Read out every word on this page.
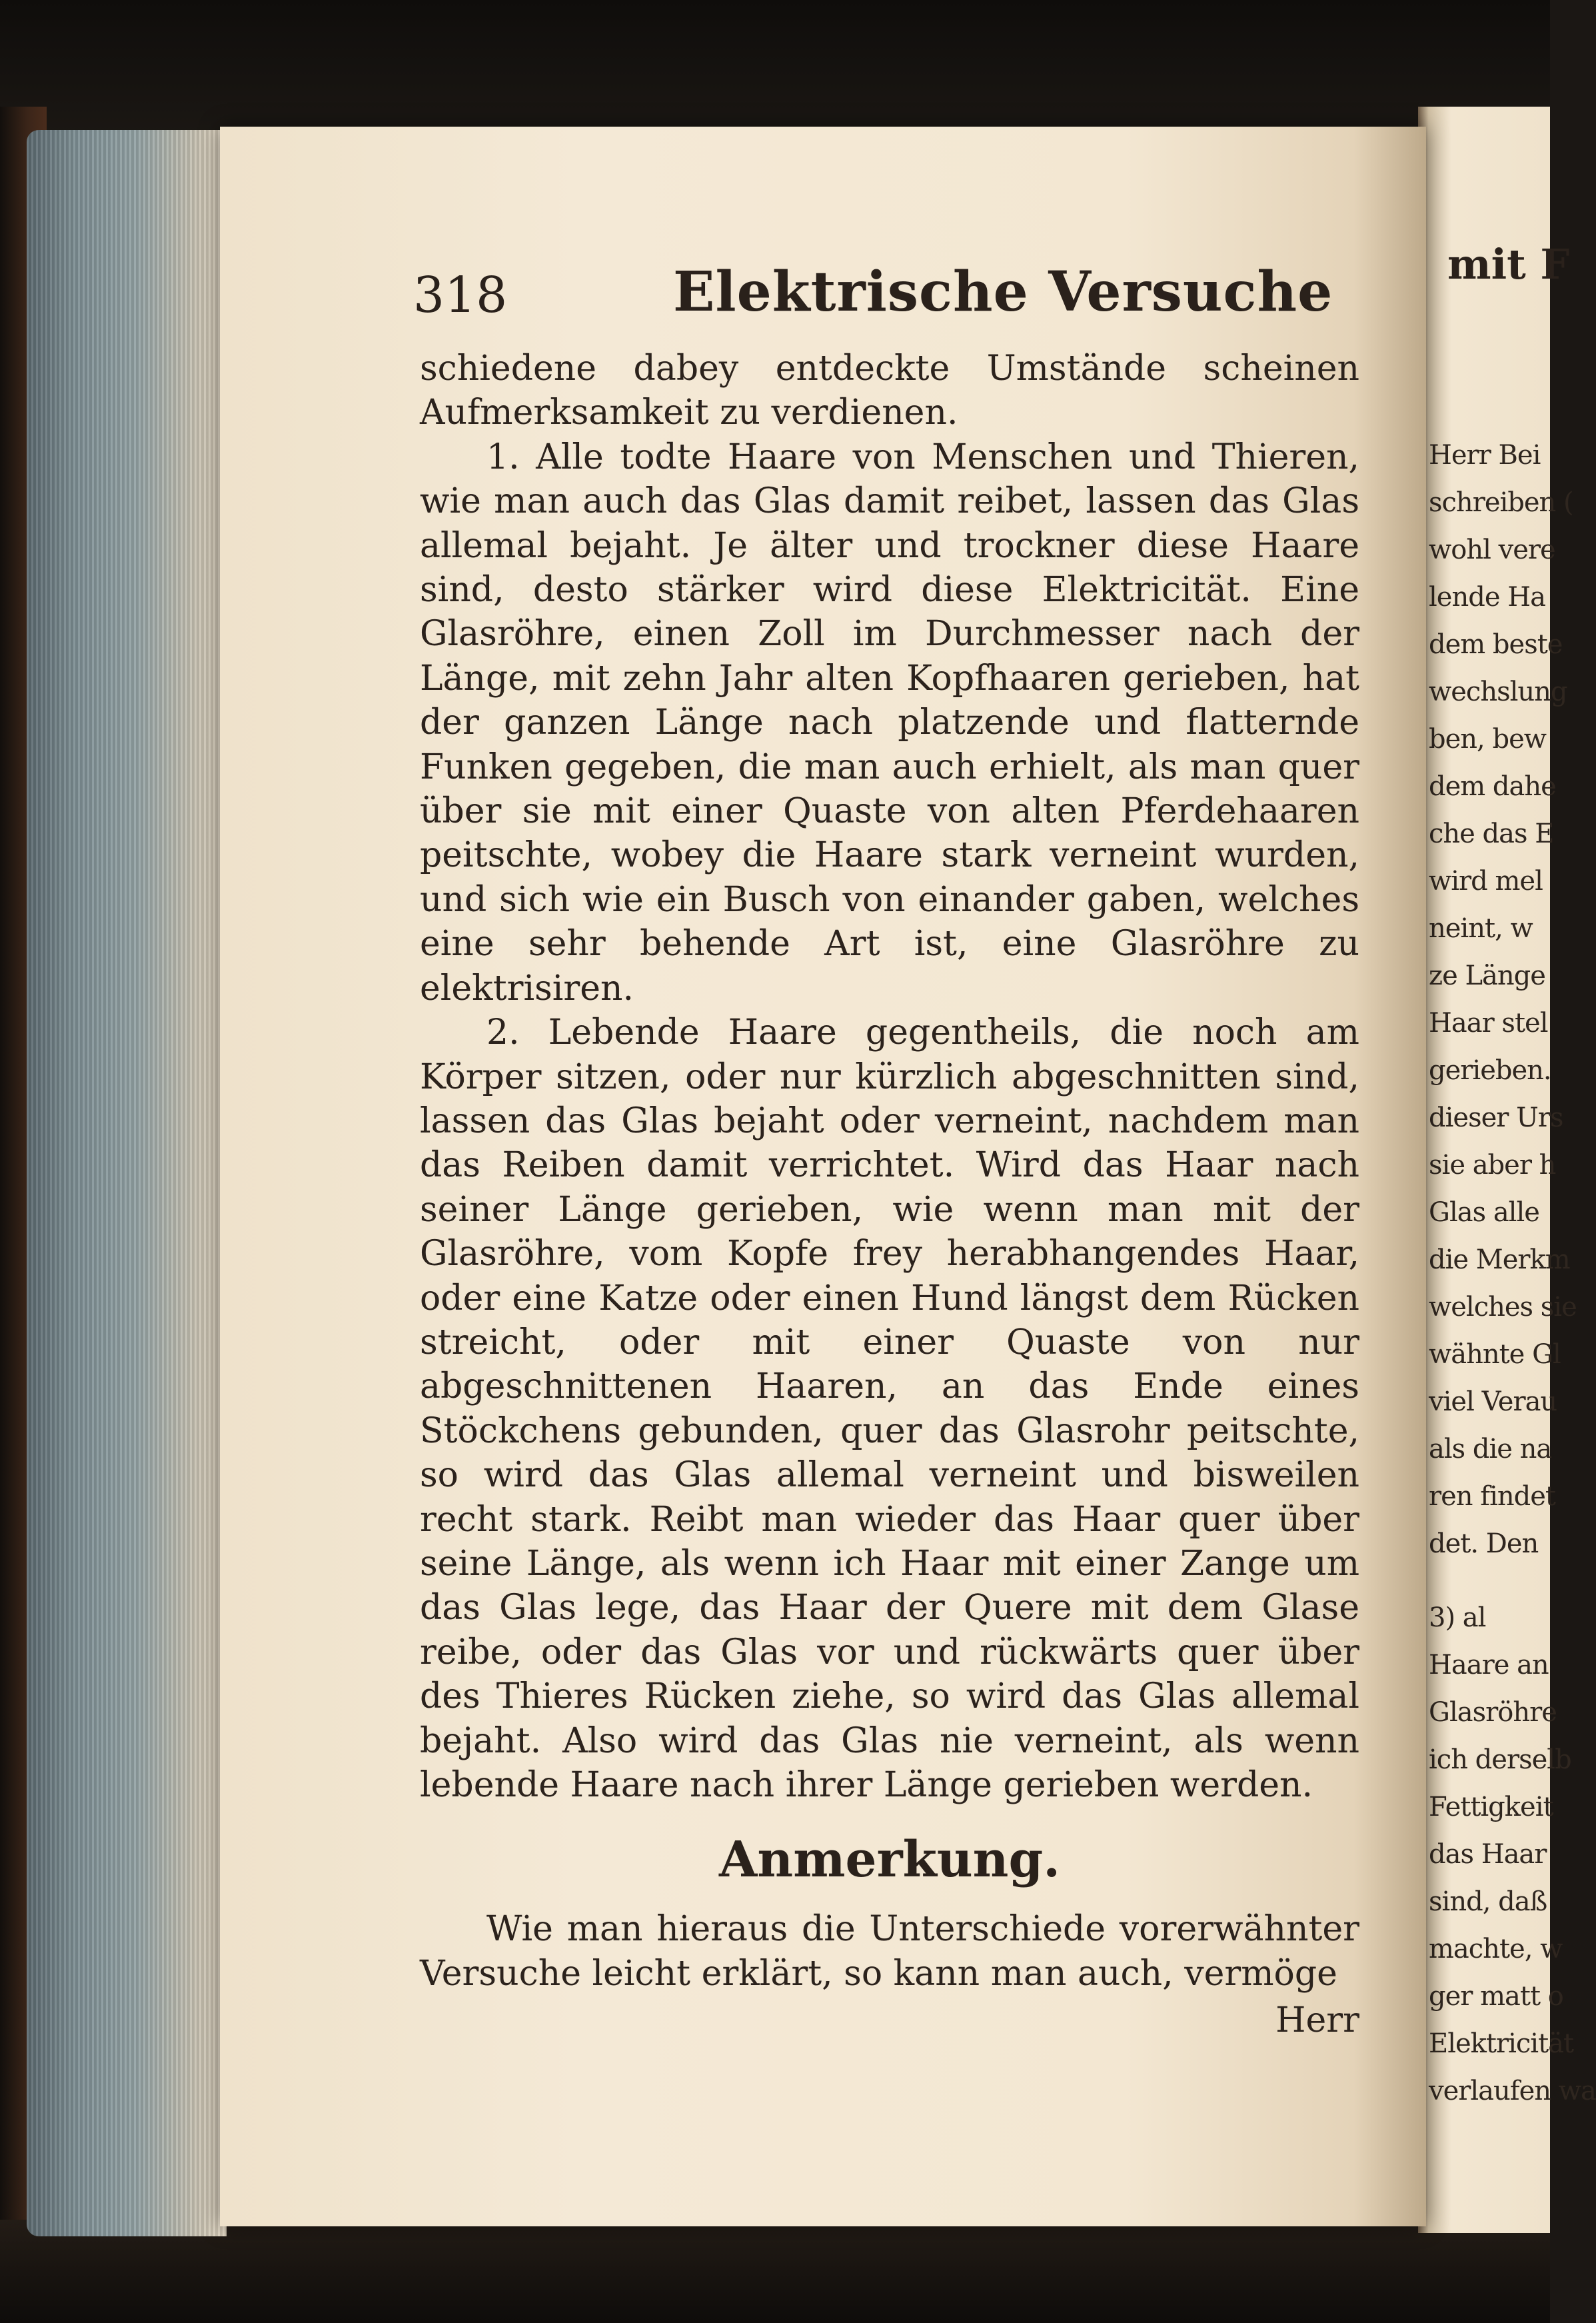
mit F
Herr Bei
schreiben (
wohl vere
lende Ha
dem beste
wechslung
ben, bew
dem dahe
che das E
wird mel
neint, w
ze Länge
Haar stel
gerieben.
dieser Urs
sie aber h
Glas alle
die Merkm
welches sie
wähnte Gl
viel Verau
als die na
ren findet
det. Den
3) al
Haare an
Glasröhre
ich derselb
Fettigkeit
das Haar
sind, daß
machte, w
ger matt o
Elektricität
verlaufen wa
318	Elektrische Versuche

schiedene dabey entdeckte Umstände scheinen Aufmerksamkeit zu verdienen.

1. Alle todte Haare von Menschen und Thieren, wie man auch das Glas damit reibet, lassen das Glas allemal bejaht. Je älter und trockner diese Haare sind, desto stärker wird diese Elektricität. Eine Glasröhre, einen Zoll im Durchmesser nach der Länge, mit zehn Jahr alten Kopfhaaren gerieben, hat der ganzen Länge nach platzende und flatternde Funken gegeben, die man auch erhielt, als man quer über sie mit einer Quaste von alten Pferdehaaren peitschte, wobey die Haare stark verneint wurden, und sich wie ein Busch von einander gaben, welches eine sehr behende Art ist, eine Glasröhre zu elektrisiren.

2. Lebende Haare gegentheils, die noch am Körper sitzen, oder nur kürzlich abgeschnitten sind, lassen das Glas bejaht oder verneint, nachdem man das Reiben damit verrichtet. Wird das Haar nach seiner Länge gerieben, wie wenn man mit der Glasröhre, vom Kopfe frey herabhangendes Haar, oder eine Katze oder einen Hund längst dem Rücken streicht, oder mit einer Quaste von nur abgeschnittenen Haaren, an das Ende eines Stöckchens gebunden, quer das Glasrohr peitschte, so wird das Glas allemal verneint und bisweilen recht stark. Reibt man wieder das Haar quer über seine Länge, als wenn ich Haar mit einer Zange um das Glas lege, das Haar der Quere mit dem Glase reibe, oder das Glas vor und rückwärts quer über des Thieres Rücken ziehe, so wird das Glas allemal bejaht. Also wird das Glas nie verneint, als wenn lebende Haare nach ihrer Länge gerieben werden.

Anmerkung.

Wie man hieraus die Unterschiede vorerwähnter Versuche leicht erklärt, so kann man auch, vermöge

Herr
